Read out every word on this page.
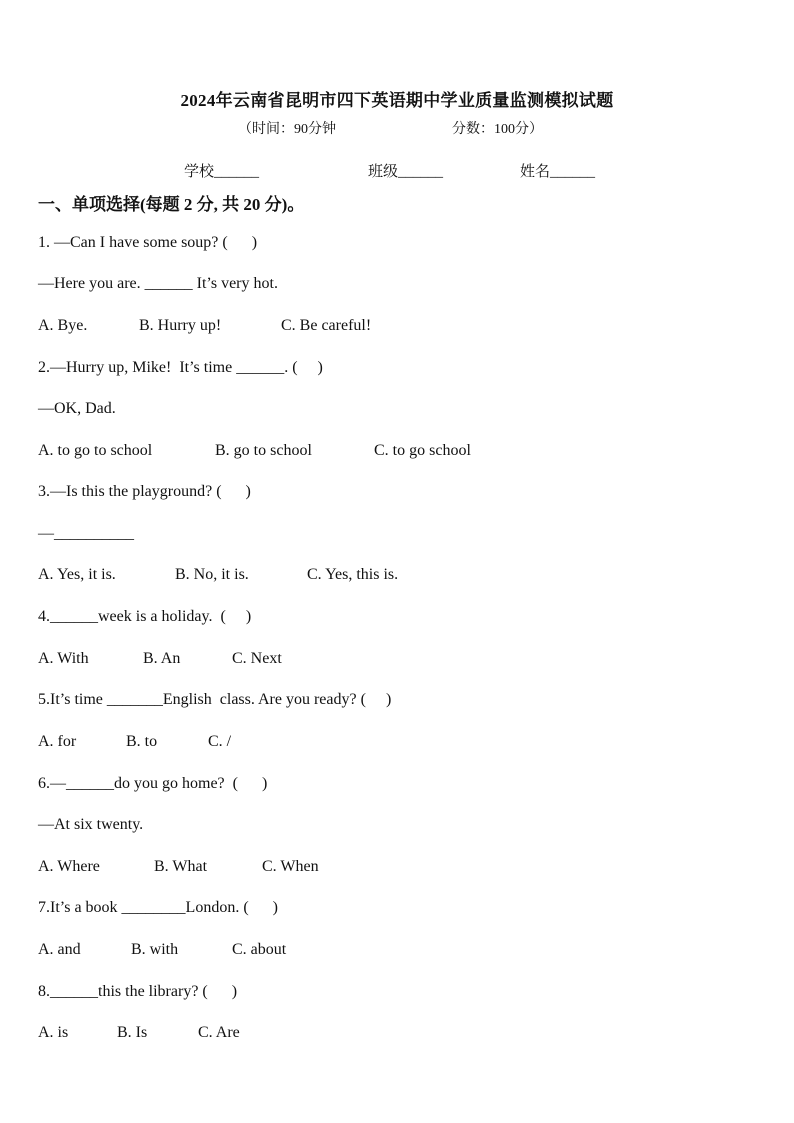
2024年云南省昆明市四下英语期中学业质量监测模拟试题
（时间：90分钟	分数：100分）
学校______	班级______	姓名______
一、单项选择(每题 2 分, 共 20 分)。
1. —Can I have some soup? (      )
—Here you are. ______ It’s very hot.

A. Bye.

	B. Hurry up!

	C. Be careful!

2.—Hurry up, Mike!  It’s time ______. (     )
—OK, Dad.

A. to go to school

	B. go to school

	C. to go school

3.—Is this the playground? (      )
—__________

A. Yes, it is.

	B. No, it is.

	C. Yes, this is.

4.______week is a holiday.  (     )

A. With

	B. An

	C. Next

5.It’s time _______English  class. Are you ready? (     )

A. for

	B. to

	C. /

6.—______do you go home?  (      )
—At six twenty.

A. Where

	B. What

	C. When

7.It’s a book ________London. (      )

A. and

	B. with

	C. about

8.______this the library? (      )

A. is

	B. Is

	C. Are
